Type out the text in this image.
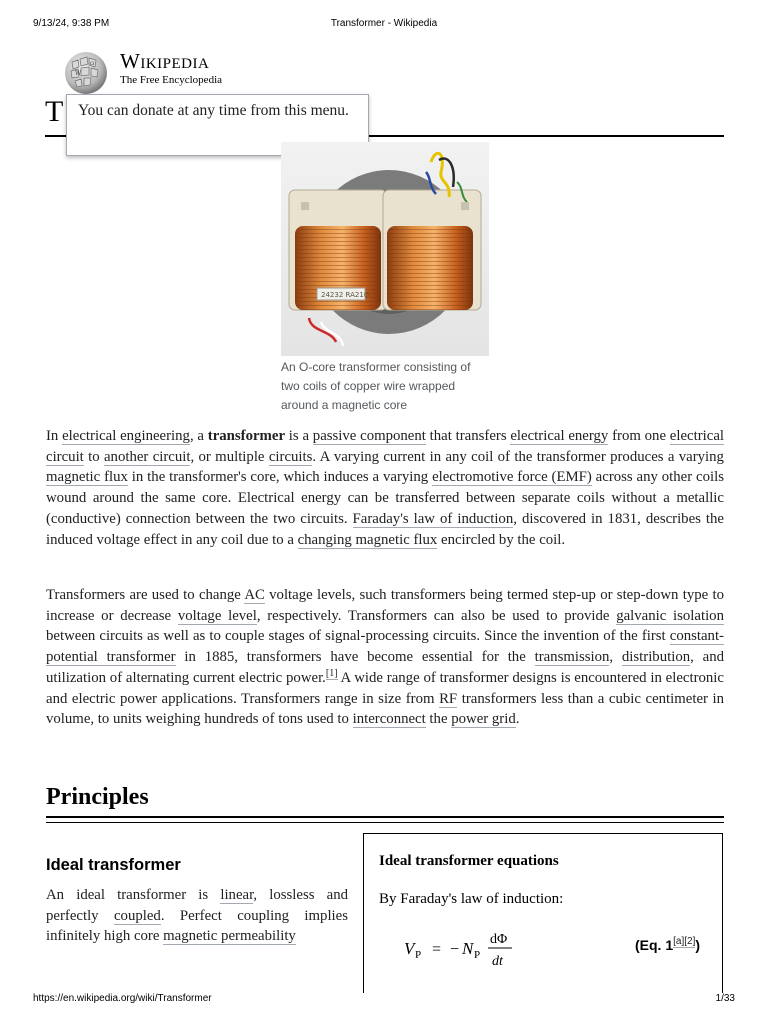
9/13/24, 9:38 PM	Transformer - Wikipedia
W
Ω Wikipedia
The Free Encyclopedia
T You can donate at any time from this menu.
24232 RA21G
An O-core transformer consisting of two coils of copper wire wrapped around a magnetic core

In electrical engineering, a transformer is a passive component that transfers electrical energy from one electrical circuit to another circuit, or multiple circuits. A varying current in any coil of the transformer produces a varying magnetic flux in the transformer's core, which induces a varying electromotive force (EMF) across any other coils wound around the same core. Electrical energy can be transferred between separate coils without a metallic (conductive) connection between the two circuits. Faraday's law of induction, discovered in 1831, describes the induced voltage effect in any coil due to a changing magnetic flux encircled by the coil.

Transformers are used to change AC voltage levels, such transformers being termed step-up or step-down type to increase or decrease voltage level, respectively. Transformers can also be used to provide galvanic isolation between circuits as well as to couple stages of signal-processing circuits. Since the invention of the first constant-potential transformer in 1885, transformers have become essential for the transmission, distribution, and utilization of alternating current electric power.[1] A wide range of transformer designs is encountered in electronic and electric power applications. Transformers range in size from RF transformers less than a cubic centimeter in volume, to units weighing hundreds of tons used to interconnect the power grid.

Principles
Ideal transformer

An ideal transformer is linear, lossless and perfectly coupled. Perfect coupling implies infinitely high core magnetic permeability

Ideal transformer equations
By Faraday's law of induction:
V P = − N P
dΦ
dt
(Eq. 1[a][2])
https://en.wikipedia.org/wiki/Transformer	1/33
